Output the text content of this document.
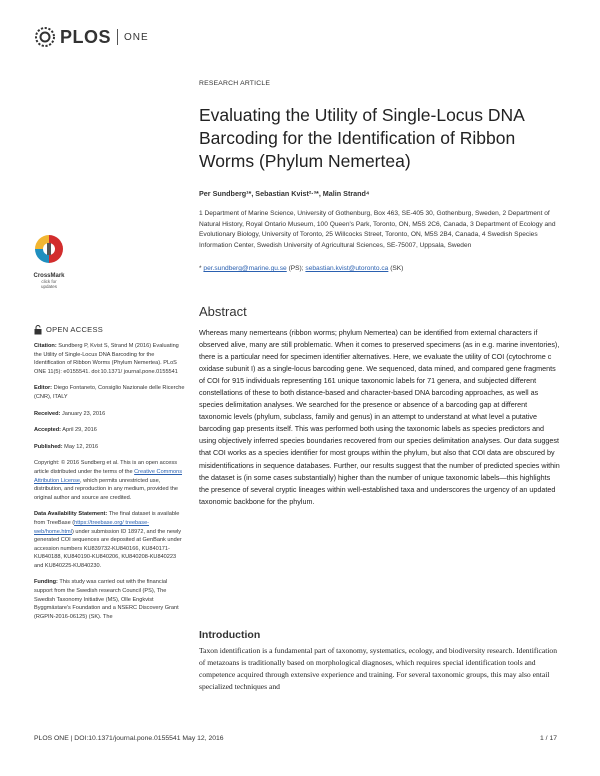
PLOS ONE
CrossMark
click for updates
OPEN ACCESS

Citation: Sundberg P, Kvist S, Strand M (2016) Evaluating the Utility of Single-Locus DNA Barcoding for the Identification of Ribbon Worms (Phylum Nemertea). PLoS ONE 11(5): e0155541. doi:10.1371/ journal.pone.0155541

Editor: Diego Fontaneto, Consiglio Nazionale delle Ricerche (CNR), ITALY

Received: January 23, 2016

Accepted: April 29, 2016

Published: May 12, 2016

Copyright: © 2016 Sundberg et al. This is an open access article distributed under the terms of the Creative Commons Attribution License, which permits unrestricted use, distribution, and reproduction in any medium, provided the original author and source are credited.

Data Availability Statement: The final dataset is available from TreeBase (https://treebase.org/ treebase-web/home.html) under submission ID 18972, and the newly generated COI sequences are deposited at GenBank under accession numbers KU839732-KU840166, KU840171-KU840188, KU840190-KU840206, KU840208-KU840223 and KU840225-KU840230.

Funding: This study was carried out with the financial support from the Swedish research Council (PS), The Swedish Taxonomy Initiative (MS), Olle Engkvist Byggmästare's Foundation and a NSERC Discovery Grant (RGPIN-2016-06125) (SK). The

RESEARCH ARTICLE
Evaluating the Utility of Single-Locus DNA Barcoding for the Identification of Ribbon Worms (Phylum Nemertea)
Per Sundberg¹*, Sebastian Kvist²·³*, Malin Strand⁴
1 Department of Marine Science, University of Gothenburg, Box 463, SE-405 30, Gothenburg, Sweden, 2 Department of Natural History, Royal Ontario Museum, 100 Queen's Park, Toronto, ON, M5S 2C6, Canada, 3 Department of Ecology and Evolutionary Biology, University of Toronto, 25 Willcocks Street, Toronto, ON, M5S 2B4, Canada, 4 Swedish Species Information Center, Swedish University of Agricultural Sciences, SE-75007, Uppsala, Sweden
* per.sundberg@marine.gu.se (PS); sebastian.kvist@utoronto.ca (SK)
Abstract
Whereas many nemerteans (ribbon worms; phylum Nemertea) can be identified from external characters if observed alive, many are still problematic. When it comes to preserved specimens (as in e.g. marine inventories), there is a particular need for specimen identifier alternatives. Here, we evaluate the utility of COI (cytochrome c oxidase subunit I) as a single-locus barcoding gene. We sequenced, data mined, and compared gene fragments of COI for 915 individuals representing 161 unique taxonomic labels for 71 genera, and subjected different constellations of these to both distance-based and character-based DNA barcoding approaches, as well as species delimitation analyses. We searched for the presence or absence of a barcoding gap at different taxonomic levels (phylum, subclass, family and genus) in an attempt to understand at what level a putative barcoding gap presents itself. This was performed both using the taxonomic labels as species predictors and using objectively inferred species boundaries recovered from our species delimitation analyses. Our data suggest that COI works as a species identifier for most groups within the phylum, but also that COI data are obscured by misidentifications in sequence databases. Further, our results suggest that the number of predicted species within the dataset is (in some cases substantially) higher than the number of unique taxonomic labels—this highlights the presence of several cryptic lineages within well-established taxa and underscores the urgency of an updated taxonomic backbone for the phylum.
Introduction
Taxon identification is a fundamental part of taxonomy, systematics, ecology, and biodiversity research. Identification of metazoans is traditionally based on morphological diagnoses, which requires special identification tools and competence acquired through extensive experience and training. For several taxonomic groups, this may also entail specialized techniques and
PLOS ONE | DOI:10.1371/journal.pone.0155541 May 12, 2016	1 / 17
